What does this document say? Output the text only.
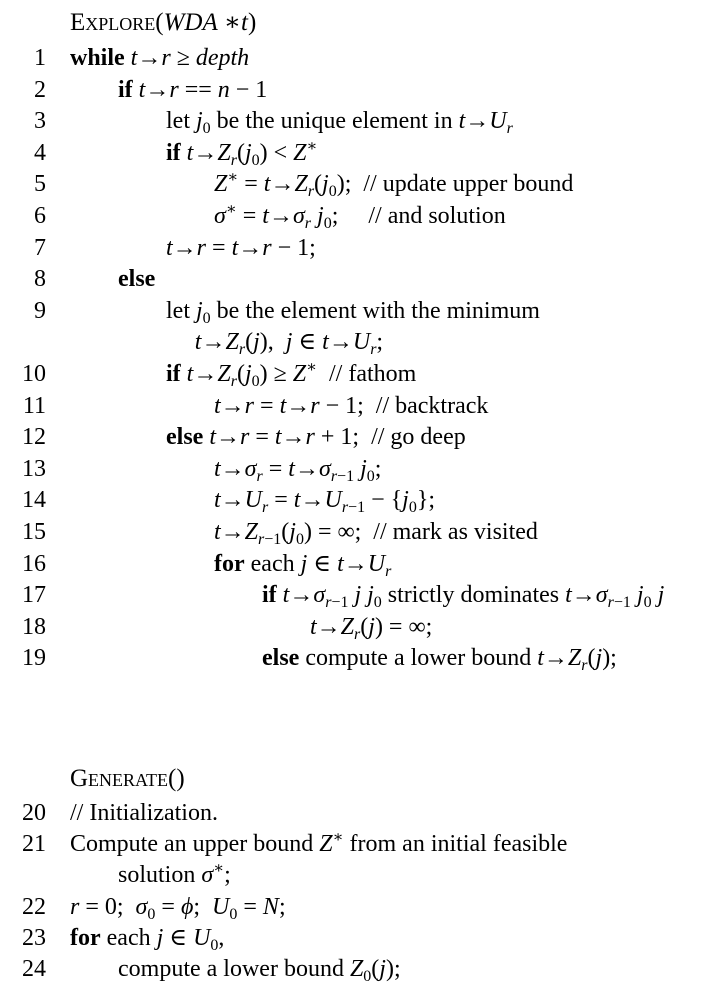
Explore(WDA ∗t)
1 while t→r ≥ depth
2	if t→r == n − 1
3	let $j_0$ be the unique element in $t\to U_r$
4	if $t\to Z_r(j_0) < Z^∗$
5	$Z^∗ = t\to Z_r(j_0)$;  // update upper bound
6	$\sigma^∗ = t\to\sigma_r$ $j_0$;     // and solution
7	t→r = t→r − 1;
8	else
9	let $j_0$ be the element with the minimum
$t\to Z_r(j)$,  j ∈ $t\to U_r$;
10	if $t\to Z_r(j_0) \ge Z^∗$  // fathom
11	t→r = t→r − 1;  // backtrack
12	else t→r = t→r + 1;  // go deep
13	$t\to\sigma_r = t\to\sigma_{r-1}$ $j_0$;
14	$t\to U_r = t\to U_{r-1} - \{j_0\}$;
15	$t\to Z_{r-1}(j_0)$ = ∞;  // mark as visited
16	for each j ∈ $t\to U_r$
17	if $t\to\sigma_{r-1}$ j $j_0$ strictly dominates $t\to\sigma_{r-1}$ $j_0$ j
18	$t\to Z_r(j)$ = ∞;
19	else compute a lower bound $t\to Z_r(j)$;
Generate()
20 // Initialization.
21 Compute an upper bound Z∗ from an initial feasible
solution σ∗;
22 r = 0;  $\sigma_0 = \phi$;  $U_0 = N$;
23 for each j ∈ $U_0$,
24	compute a lower bound $Z_0(j)$;
